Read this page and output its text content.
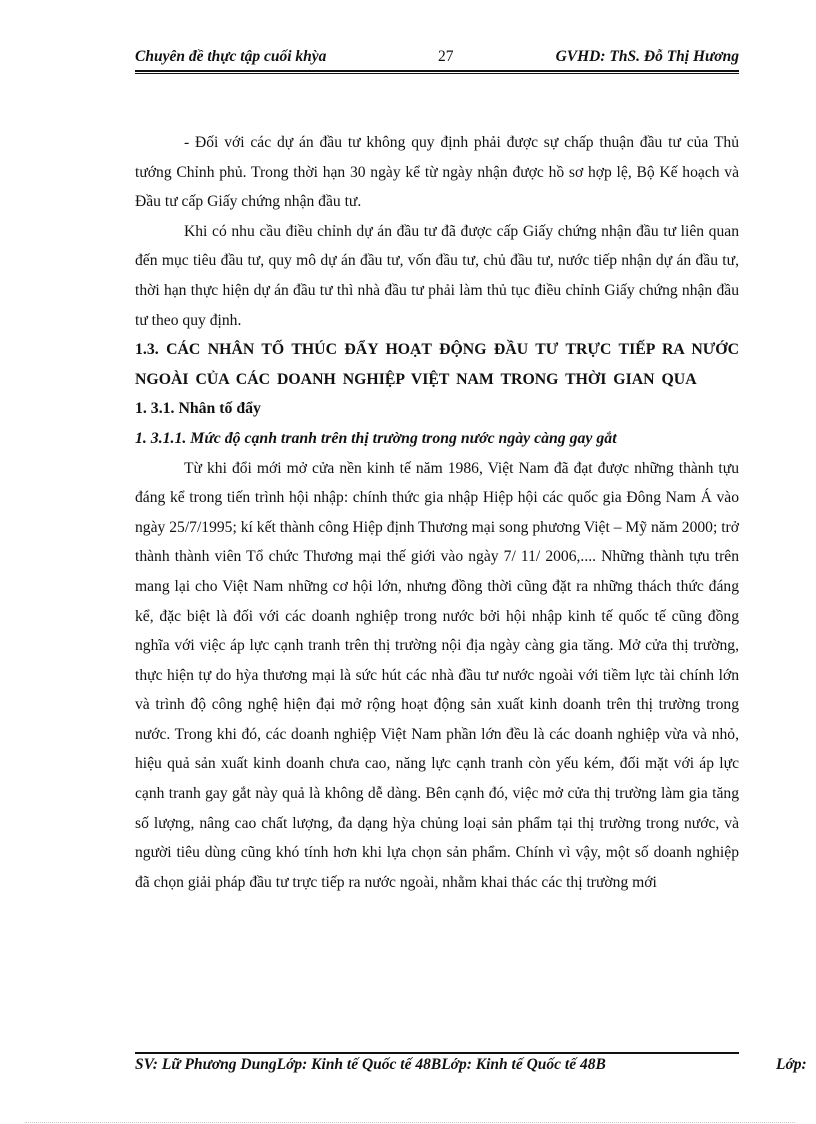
Chuyên đề thực tập cuối khỳa	27	GVHD: ThS. Đỗ Thị Hương

- Đối với các dự án đầu tư không quy định phải được sự chấp thuận đầu tư của Thủ tướng Chỉnh phủ. Trong thời hạn 30 ngày kể từ ngày nhận được hồ sơ hợp lệ, Bộ Kế hoạch và Đầu tư cấp Giấy chứng nhận đầu tư.

Khi có nhu cầu điều chỉnh dự án đầu tư đã được cấp Giấy chứng nhận đầu tư liên quan đến mục tiêu đầu tư, quy mô dự án đầu tư, vốn đầu tư, chủ đầu tư, nước tiếp nhận dự án đầu tư, thời hạn thực hiện dự án đầu tư thì nhà đầu tư phải làm thủ tục điều chỉnh Giấy chứng nhận đầu tư theo quy định.

1.3. CÁC NHÂN TỐ THÚC ĐẨY HOẠT ĐỘNG ĐẦU TƯ TRỰC TIẾP RA NƯỚC NGOÀI CỦA CÁC DOANH NGHIỆP VIỆT NAM TRONG THỜI GIAN QUA

1. 3.1. Nhân tố đẩy

1. 3.1.1. Mức độ cạnh tranh trên thị trường trong nước ngày càng gay gắt

Từ khi đổi mới mở cửa nền kinh tế năm 1986, Việt Nam đã đạt được những thành tựu đáng kể trong tiến trình hội nhập: chính thức gia nhập Hiệp hội các quốc gia Đông Nam Á vào ngày 25/7/1995; kí kết thành công Hiệp định Thương mại song phương Việt – Mỹ năm 2000; trở thành thành viên Tổ chức Thương mại thế giới vào ngày 7/ 11/ 2006,.... Những thành tựu trên mang lại cho Việt Nam những cơ hội lớn, nhưng đồng thời cũng đặt ra những thách thức đáng kể, đặc biệt là đối với các doanh nghiệp trong nước bởi hội nhập kinh tế quốc tế cũng đồng nghĩa với việc áp lực cạnh tranh trên thị trường nội địa ngày càng gia tăng. Mở cửa thị trường, thực hiện tự do hỳa thương mại là sức hút các nhà đầu tư nước ngoài với tiềm lực tài chính lớn và trình độ công nghệ hiện đại mở rộng hoạt động sản xuất kinh doanh trên thị trường trong nước. Trong khi đó, các doanh nghiệp Việt Nam phần lớn đều là các doanh nghiệp vừa và nhỏ, hiệu quả sản xuất kinh doanh chưa cao, năng lực cạnh tranh còn yếu kém, đối mặt với áp lực cạnh tranh gay gắt này quả là không dễ dàng. Bên cạnh đó, việc mở cửa thị trường làm gia tăng số lượng, nâng cao chất lượng, đa dạng hỳa chủng loại sản phẩm tại thị trường trong nước, và người tiêu dùng cũng khó tính hơn khi lựa chọn sản phẩm. Chính vì vậy, một số doanh nghiệp đã chọn giải pháp đầu tư trực tiếp ra nước ngoài, nhằm khai thác các thị trường mới

SV: Lữ Phương DungLớp: Kinh tế Quốc tế 48BLớp: Kinh tế Quốc tế 48B	Lớp:
